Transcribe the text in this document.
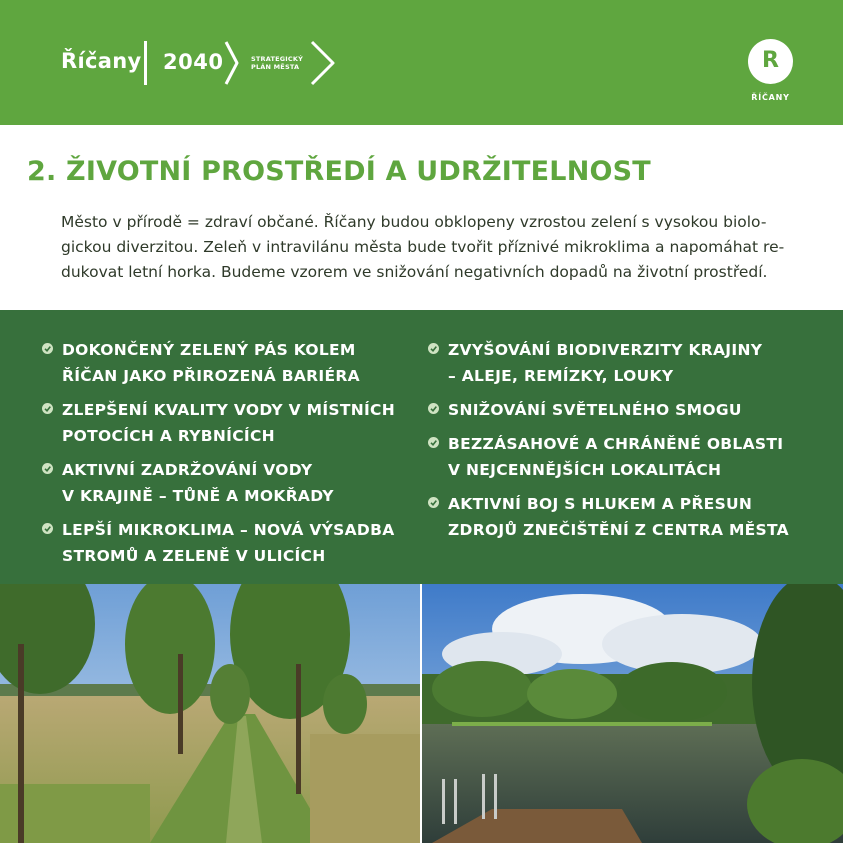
Říčany 2040	STRATEGICKÝ
PLÁN MĚSTA	R
ŘÍČANY
2. ŽIVOTNÍ PROSTŘEDÍ A UDRŽITELNOST
Město v přírodě = zdraví občané. Říčany budou obklopeny vzrostou zelení s vysokou biolo-
gickou diverzitou. Zeleň v intravilánu města bude tvořit příznivé mikroklima a napomáhat re-
dukovat letní horka. Budeme vzorem ve snižování negativních dopadů na životní prostředí.
DOKONČENÝ ZELENÝ PÁS KOLEM
ŘÍČAN JAKO PŘIROZENÁ BARIÉRA
ZLEPŠENÍ KVALITY VODY V MÍSTNÍCH
POTOCÍCH A RYBNÍCÍCH
AKTIVNÍ ZADRŽOVÁNÍ VODY
V KRAJINĚ – TŮNĚ A MOKŘADY
LEPŠÍ MIKROKLIMA – NOVÁ VÝSADBA
STROMŮ A ZELENĚ V ULICÍCH
ZVYŠOVÁNÍ BIODIVERZITY KRAJINY
– ALEJE, REMÍZKY, LOUKY
SNIŽOVÁNÍ SVĚTELNÉHO SMOGU
BEZZÁSAHOVÉ A CHRÁNĚNÉ OBLASTI
V NEJCENNĚJŠÍCH LOKALITÁCH
AKTIVNÍ BOJ S HLUKEM A PŘESUN
ZDROJŮ ZNEČIŠTĚNÍ Z CENTRA MĚSTA
